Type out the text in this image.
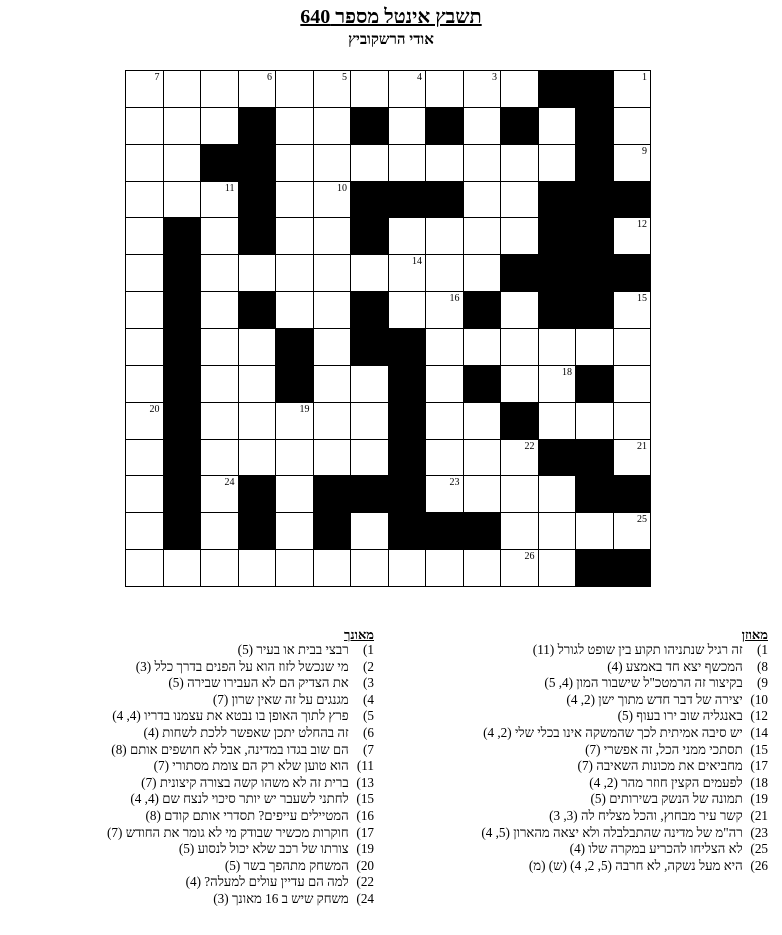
תשבץ אינטל מספר 640
אודי הרשקוביץ
1
3
4
5
6
7
9
10
11
12
14
15
16
18
19
20
21
22
23
24
25
26
מאוזן
1) זה רגיל שנתניהו תקוע בין שופט לגורל (11)
8) המכשף יצא חד באמצע (4)
9) בקיצור זה הרמטכ"ל שישבור המון (4, 5)
10) יצירה של דבר חדש מתוך ישן (2, 4)
12) באנגליה שוב ירו בעוף (5)
14) יש סיבה אמיתית לכך שהמשקה אינו בכלי שלי (2, 4)
15) תסתכי ממני הכל, זה אפשרי (7)
17) מחביאים את מכונות השאיבה (7)
18) לפעמים הקצין חוזר מהר (2, 4)
19) תמונה של הנשק בשירותים (5)
21) קשר עיר מבחוץ, והכל מצליח לה (3, 3)
23) רה"מ של מדינה שהתבלבלה ולא יצאה מהארון (5, 4)
25) לא הצליחו להכריע במקרה שלו (4)
26) היא מעל נשקה, לא חרבה (5, 2, 4) (ש) (מ)
מאונך
1) רבצי בבית או בעיר (5)
2) מי שנכשל לזוז הוא על הפנים בדרך כלל (3)
3) את הצדיק הם לא העבירו שבירה (5)
4) מגנגים על זה שאין שרון (7)
5) פרץ לתוך האופן בו נבטא את עצמנו בדריו (4, 4)
6) זה בהחלט יתכן שאפשר ללכת לשחות (4)
7) הם שוב בגדו במדינה, אבל לא חושפים אותם (8)
11) הוא טוען שלא רק הם צומת מסתורי (7)
13) ברית זה לא משהו קשה בצורה קיצונית (7)
15) לחתני לשעבר יש יותר סיכוי לנצח שם (4, 4)
16) המטיילים עייפים? תסדרי אותם קודם (8)
17) חוקרות מכשיר שבודק מי לא גומר את החודש (7)
19) צורתו של רכב שלא יכול לנסוע (5)
20) המשחק מתהפך בשר (5)
22) למה הם עדיין עולים למעלה? (4)
24) משחק שיש ב 16 מאונך (3)
